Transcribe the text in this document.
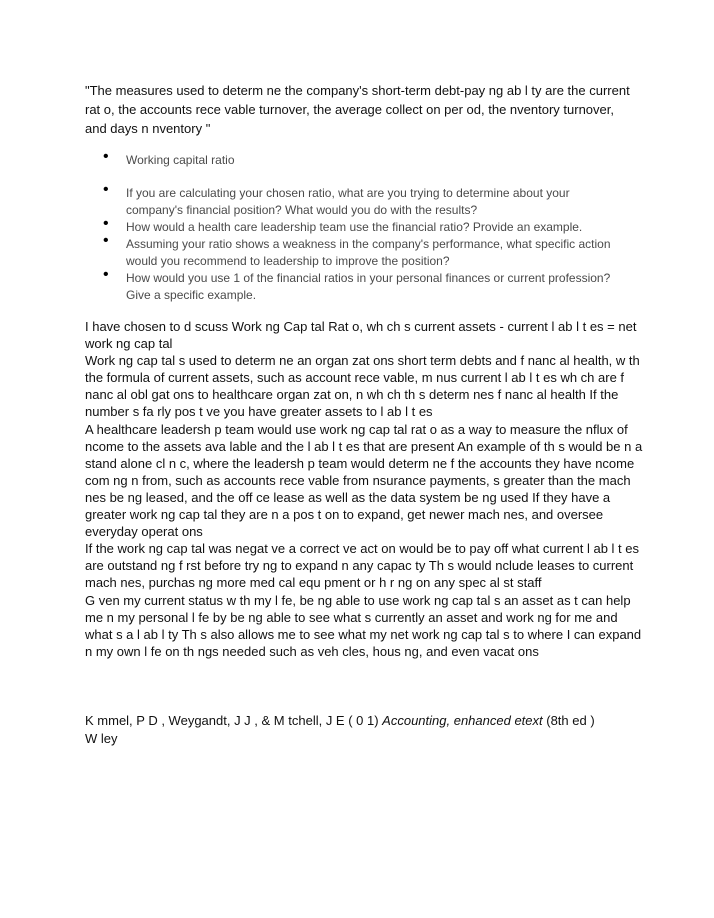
"The measures used to determ ne the company's short-term debt-pay ng ab l ty are the current rat o, the accounts rece vable turnover, the average collect on per od, the nventory turnover,
and days n nventory "
• Working capital ratio
• If you are calculating your chosen ratio, what are you trying to determine about your company's financial position? What would you do with the results?
• How would a health care leadership team use the financial ratio? Provide an example.
• Assuming your ratio shows a weakness in the company's performance, what specific action would you recommend to leadership to improve the position?
• How would you use 1 of the financial ratios in your personal finances or current profession? Give a specific example.

I have chosen to d scuss Work ng Cap tal Rat o, wh ch s current assets - current l ab l t es = net work ng cap tal

Work ng cap tal s used to determ ne an organ zat ons short term debts and f nanc al health, w th the formula of current assets, such as account rece vable, m nus current l ab l t es wh ch are f nanc al obl gat ons to healthcare organ zat on, n wh ch th s determ nes f nanc al health If the number s fa rly pos t ve you have greater assets to l ab l t es

A healthcare leadersh p team would use work ng cap tal rat o as a way to measure the nflux of ncome to the assets ava lable and the l ab l t es that are present An example of th s would be n a stand alone cl n c, where the leadersh p team would determ ne f the accounts they have ncome com ng n from, such as accounts rece vable from nsurance payments, s greater than the mach nes be ng leased, and the off ce lease as well as the data system be ng used If they have a greater work ng cap tal they are n a pos t on to expand, get newer mach nes, and oversee everyday operat ons

If the work ng cap tal was negat ve a correct ve act on would be to pay off what current l ab l t es are outstand ng f rst before try ng to expand n any capac ty Th s would nclude leases to current mach nes, purchas ng more med cal equ pment or h r ng on any spec al st staff

G ven my current status w th my l fe, be ng able to use work ng cap tal s an asset as t can help me n my personal l fe by be ng able to see what s currently an asset and work ng for me and what s a l ab l ty Th s also allows me to see what my net work ng cap tal s to where I can expand n my own l fe on th ngs needed such as veh cles, hous ng, and even vacat ons

K mmel, P D , Weygandt, J J , & M tchell, J E ( 0 1) Accounting, enhanced etext (8th ed )
W ley
